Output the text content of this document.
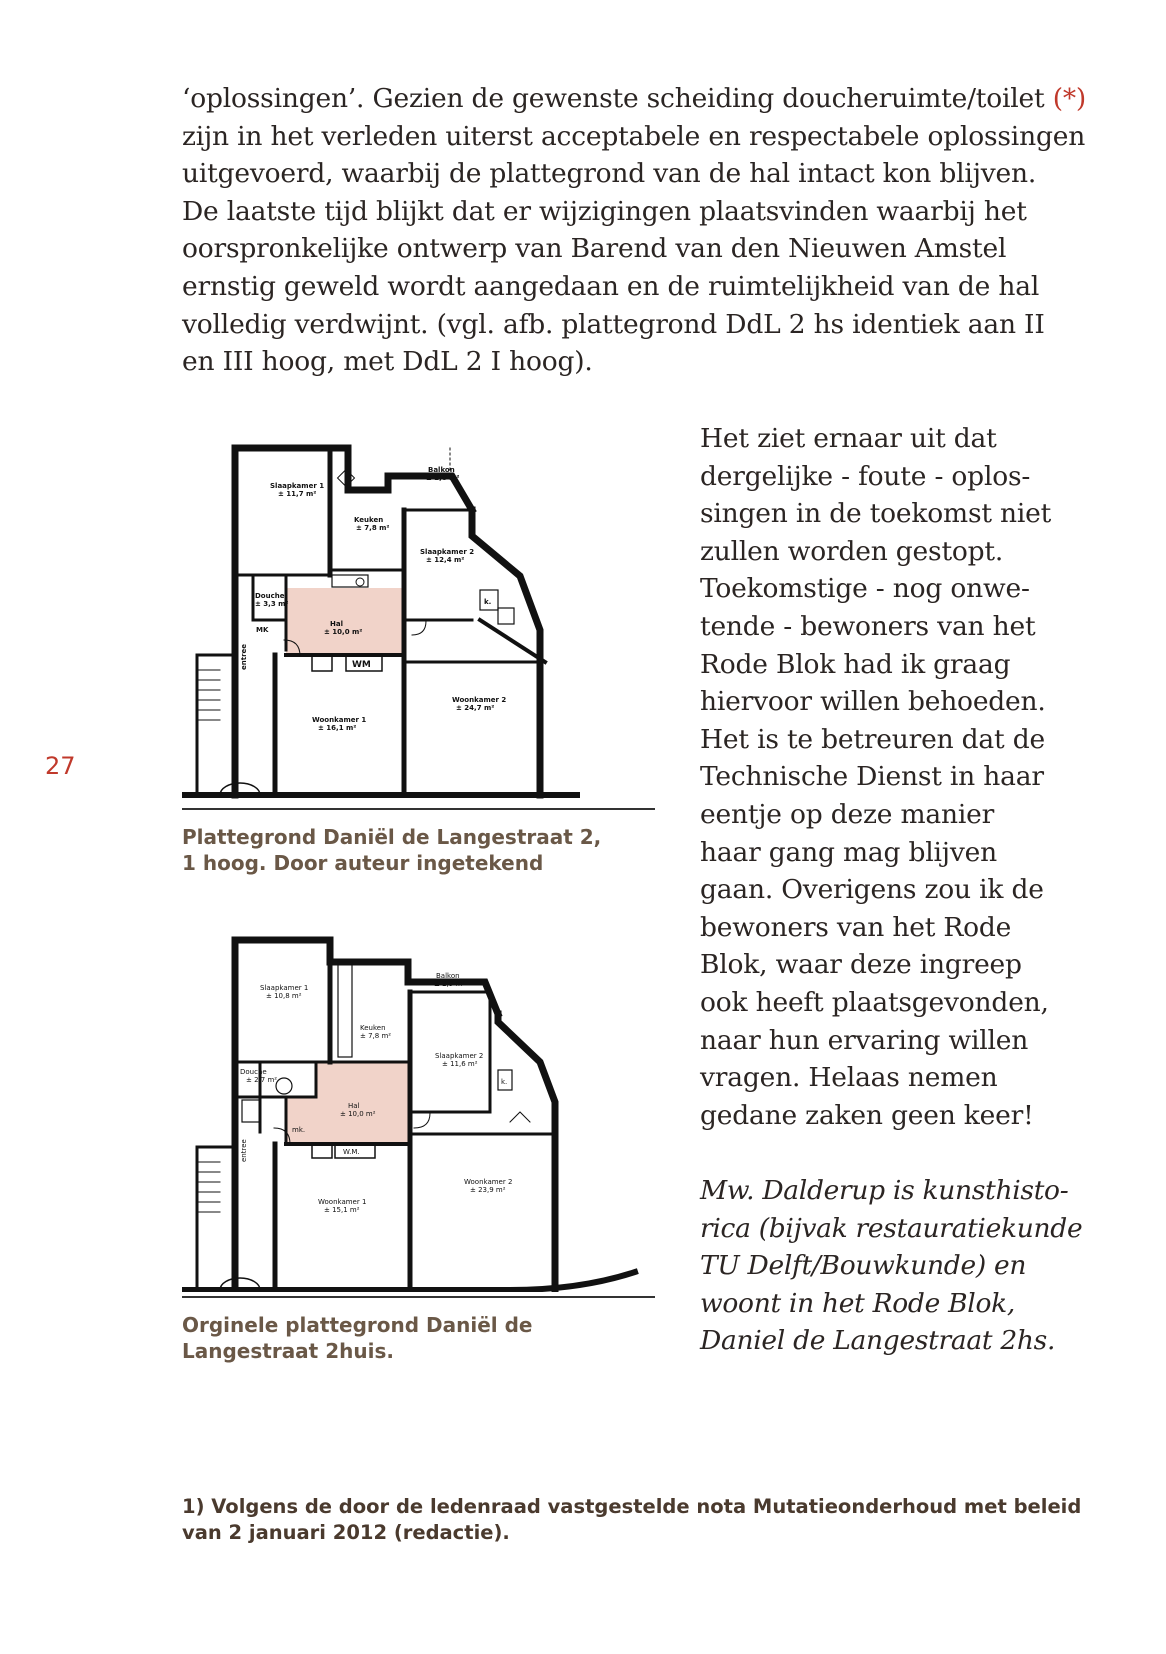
‘oplossingen’. Gezien de gewenste scheiding doucheruimte/toilet (*)
zijn in het verleden uiterst acceptabele en respectabele oplossingen
uitgevoerd, waarbij de plattegrond van de hal intact kon blijven.
De laatste tijd blijkt dat er wijzigingen plaatsvinden waarbij het
oorspronkelijke ontwerp van Barend van den Nieuwen Amstel
ernstig geweld wordt aangedaan en de ruimtelijkheid van de hal
volledig verdwijnt. (vgl. afb. plattegrond DdL 2 hs identiek aan II
en III hoog, met DdL 2 I hoog).
27
Slaapkamer 1
± 11,7 m²
Keuken
± 7,8 m²
Balkon
± 2,8 m²
Slaapkamer 2
± 12,4 m²
Douche
± 3,3 m²
Hal
± 10,0 m²
MK
WM
k.
Woonkamer 1
± 16,1 m²
Woonkamer 2
± 24,7 m²
entree
Plattegrond Daniël de Langestraat 2,
1 hoog. Door auteur ingetekend
Slaapkamer 1
± 10,8 m²
Keuken
± 7,8 m²
Balkon
± 2,9 m²
Slaapkamer 2
± 11,6 m²
Douche
± 2,7 m²
Hal
± 10,0 m²
mk.
W.M.
k.
Woonkamer 1
± 15,1 m²
Woonkamer 2
± 23,9 m²
entree
Orginele plattegrond Daniël de
Langestraat 2huis.
Het ziet ernaar uit dat
dergelijke - foute - oplos-
singen in de toekomst niet
zullen worden gestopt.
Toekomstige - nog onwe-
tende - bewoners van het
Rode Blok had ik graag
hiervoor willen behoeden.
Het is te betreuren dat de
Technische Dienst in haar
eentje op deze manier
haar gang mag blijven
gaan. Overigens zou ik de
bewoners van het Rode
Blok, waar deze ingreep
ook heeft plaatsgevonden,
naar hun ervaring willen
vragen. Helaas nemen
gedane zaken geen keer!
Mw. Dalderup is kunsthisto-
rica (bijvak restauratiekunde
TU Delft/Bouwkunde) en
woont in het Rode Blok,
Daniel de Langestraat 2hs.
1) Volgens de door de ledenraad vastgestelde nota Mutatieonderhoud met beleid
van 2 januari 2012 (redactie).
